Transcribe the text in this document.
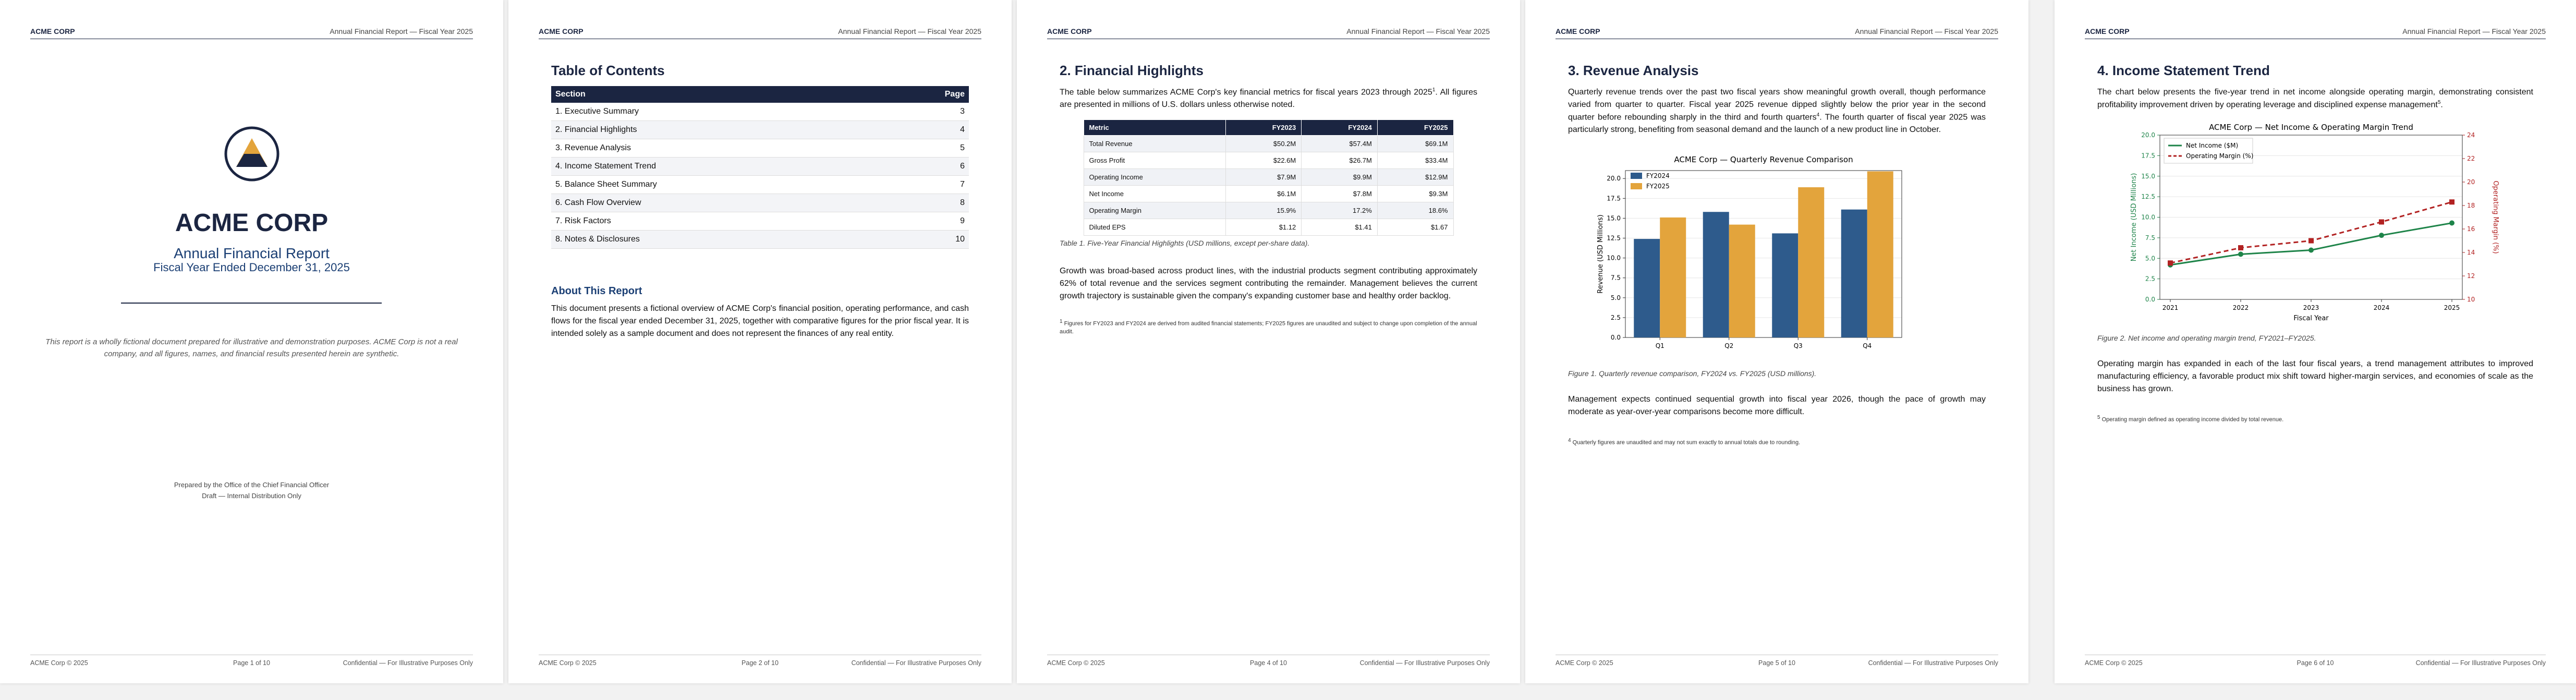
ACME CORP	Annual Financial Report — Fiscal Year 2025
ACME CORP
Annual Financial Report
Fiscal Year Ended December 31, 2025
This report is a wholly fictional document prepared for illustrative and demonstration purposes. ACME Corp is not a real company, and all figures, names, and financial results presented herein are synthetic.
Prepared by the Office of the Chief Financial Officer
Draft — Internal Distribution Only
ACME Corp © 2025	Page 1 of 10	Confidential — For Illustrative Purposes Only
ACME CORP	Annual Financial Report — Fiscal Year 2025
Table of Contents
Section	Page
1. Executive Summary	3
2. Financial Highlights	4
3. Revenue Analysis	5
4. Income Statement Trend	6
5. Balance Sheet Summary	7
6. Cash Flow Overview	8
7. Risk Factors	9
8. Notes & Disclosures	10
About This Report

This document presents a fictional overview of ACME Corp's financial position, operating performance, and cash flows for the fiscal year ended December 31, 2025, together with comparative figures for the prior fiscal year. It is intended solely as a sample document and does not represent the finances of any real entity.

ACME Corp © 2025	Page 2 of 10	Confidential — For Illustrative Purposes Only
ACME CORP	Annual Financial Report — Fiscal Year 2025
2. Financial Highlights

The table below summarizes ACME Corp's key financial metrics for fiscal years 2023 through 2025$^1$. All figures are presented in millions of U.S. dollars unless otherwise noted.

Metric	FY2023	FY2024	FY2025
Total Revenue	$50.2M	$57.4M	$69.1M
Gross Profit	$22.6M	$26.7M	$33.4M
Operating Income	$7.9M	$9.9M	$12.9M
Net Income	$6.1M	$7.8M	$9.3M
Operating Margin	15.9%	17.2%	18.6%
Diluted EPS	$1.12	$1.41	$1.67
Table 1. Five-Year Financial Highlights (USD millions, except per-share data).

Growth was broad-based across product lines, with the industrial products segment contributing approximately 62% of total revenue and the services segment contributing the remainder. Management believes the current growth trajectory is sustainable given the company's expanding customer base and healthy order backlog.

$^1$ Figures for FY2023 and FY2024 are derived from audited financial statements; FY2025 figures are unaudited and subject to change upon completion of the annual audit.
ACME Corp © 2025	Page 4 of 10	Confidential — For Illustrative Purposes Only
ACME CORP	Annual Financial Report — Fiscal Year 2025
3. Revenue Analysis

Quarterly revenue trends over the past two fiscal years show meaningful growth overall, though performance varied from quarter to quarter. Fiscal year 2025 revenue dipped slightly below the prior year in the second quarter before rebounding sharply in the third and fourth quarters$^4$. The fourth quarter of fiscal year 2025 was particularly strong, benefiting from seasonal demand and the launch of a new product line in October.

ACME Corp — Quarterly Revenue Comparison
0.0
2.5
5.0
7.5
10.0
12.5
15.0
17.5
20.0
Q1	Q2	Q3	Q4
Revenue (USD Millions)
FY2024
FY2025
Figure 1. Quarterly revenue comparison, FY2024 vs. FY2025 (USD millions).

Management expects continued sequential growth into fiscal year 2026, though the pace of growth may moderate as year-over-year comparisons become more difficult.

$^4$ Quarterly figures are unaudited and may not sum exactly to annual totals due to rounding.
ACME Corp © 2025	Page 5 of 10	Confidential — For Illustrative Purposes Only
ACME CORP	Annual Financial Report — Fiscal Year 2025
4. Income Statement Trend

The chart below presents the five-year trend in net income alongside operating margin, demonstrating consistent profitability improvement driven by operating leverage and disciplined expense management$^5$.

ACME Corp — Net Income & Operating Margin Trend
0.0
2.5
5.0
7.5
10.0
12.5
15.0
17.5
20.0
10
12
14
16
18
20
22
24
2021	2022	2023	2024	2025
Fiscal Year
Net Income (USD Millions)	Operating Margin (%)
Net Income ($M)
Operating Margin (%)
Figure 2. Net income and operating margin trend, FY2021–FY2025.

Operating margin has expanded in each of the last four fiscal years, a trend management attributes to improved manufacturing efficiency, a favorable product mix shift toward higher-margin services, and economies of scale as the business has grown.

$^5$ Operating margin defined as operating income divided by total revenue.
ACME Corp © 2025	Page 6 of 10	Confidential — For Illustrative Purposes Only
